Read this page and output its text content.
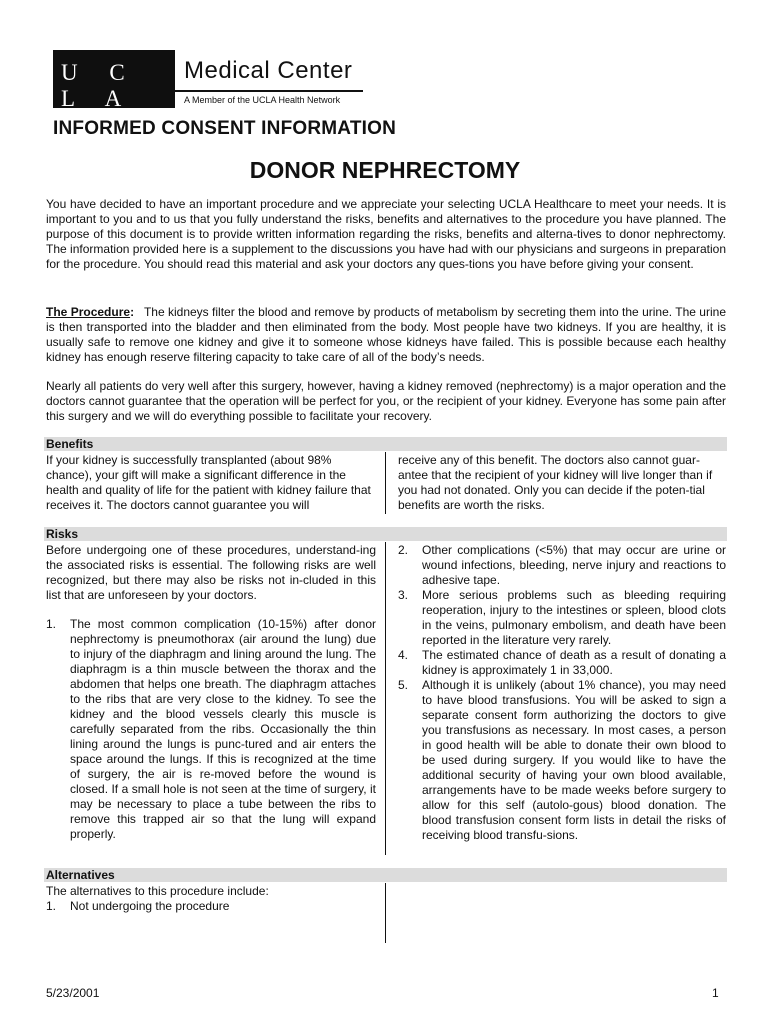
U C L A
Medical Center
A Member of the UCLA Health Network
INFORMED CONSENT INFORMATION
DONOR NEPHRECTOMY
You have decided to have an important procedure and we appreciate your selecting UCLA Healthcare to meet your needs. It is important to you and to us that you fully understand the risks, benefits and alternatives to the procedure you have planned. The purpose of this document is to provide written information regarding the risks, benefits and alterna-tives to donor nephrectomy. The information provided here is a supplement to the discussions you have had with our physicians and surgeons in preparation for the procedure. You should read this material and ask your doctors any ques-tions you have before giving your consent.
The Procedure: The kidneys filter the blood and remove by products of metabolism by secreting them into the urine. The urine is then transported into the bladder and then eliminated from the body. Most people have two kidneys. If you are healthy, it is usually safe to remove one kidney and give it to someone whose kidneys have failed. This is possible because each healthy kidney has enough reserve filtering capacity to take care of all of the body’s needs.
Nearly all patients do very well after this surgery, however, having a kidney removed (nephrectomy) is a major operation and the doctors cannot guarantee that the operation will be perfect for you, or the recipient of your kidney. Everyone has some pain after this surgery and we will do everything possible to facilitate your recovery.
Benefits
If your kidney is successfully transplanted (about 98% chance), your gift will make a significant difference in the health and quality of life for the patient with kidney failure that receives it. The doctors cannot guarantee you will
receive any of this benefit. The doctors also cannot guar-antee that the recipient of your kidney will live longer than if you had not donated. Only you can decide if the poten-tial benefits are worth the risks.
Risks
Before undergoing one of these procedures, understand-ing the associated risks is essential. The following risks are well recognized, but there may also be risks not in-cluded in this list that are unforeseen by your doctors.
1. The most common complication (10-15%) after donor nephrectomy is pneumothorax (air around the lung) due to injury of the diaphragm and lining around the lung. The diaphragm is a thin muscle between the thorax and the abdomen that helps one breath. The diaphragm attaches to the ribs that are very close to the kidney. To see the kidney and the blood vessels clearly this muscle is carefully separated from the ribs. Occasionally the thin lining around the lungs is punc-tured and air enters the space around the lungs. If this is recognized at the time of surgery, the air is re-moved before the wound is closed. If a small hole is not seen at the time of surgery, it may be necessary to place a tube between the ribs to remove this trapped air so that the lung will expand properly.
2. Other complications (<5%) that may occur are urine or wound infections, bleeding, nerve injury and reactions to adhesive tape.
3. More serious problems such as bleeding requiring reoperation, injury to the intestines or spleen, blood clots in the veins, pulmonary embolism, and death have been reported in the literature very rarely.
4. The estimated chance of death as a result of donating a kidney is approximately 1 in 33,000.
5. Although it is unlikely (about 1% chance), you may need to have blood transfusions. You will be asked to sign a separate consent form authorizing the doctors to give you transfusions as necessary. In most cases, a person in good health will be able to donate their own blood to be used during surgery. If you would like to have the additional security of having your own blood available, arrangements have to be made weeks before surgery to allow for this self (autolo-gous) blood donation. The blood transfusion consent form lists in detail the risks of receiving blood transfu-sions.
Alternatives
The alternatives to this procedure include:
1. Not undergoing the procedure
5/23/2001	1
